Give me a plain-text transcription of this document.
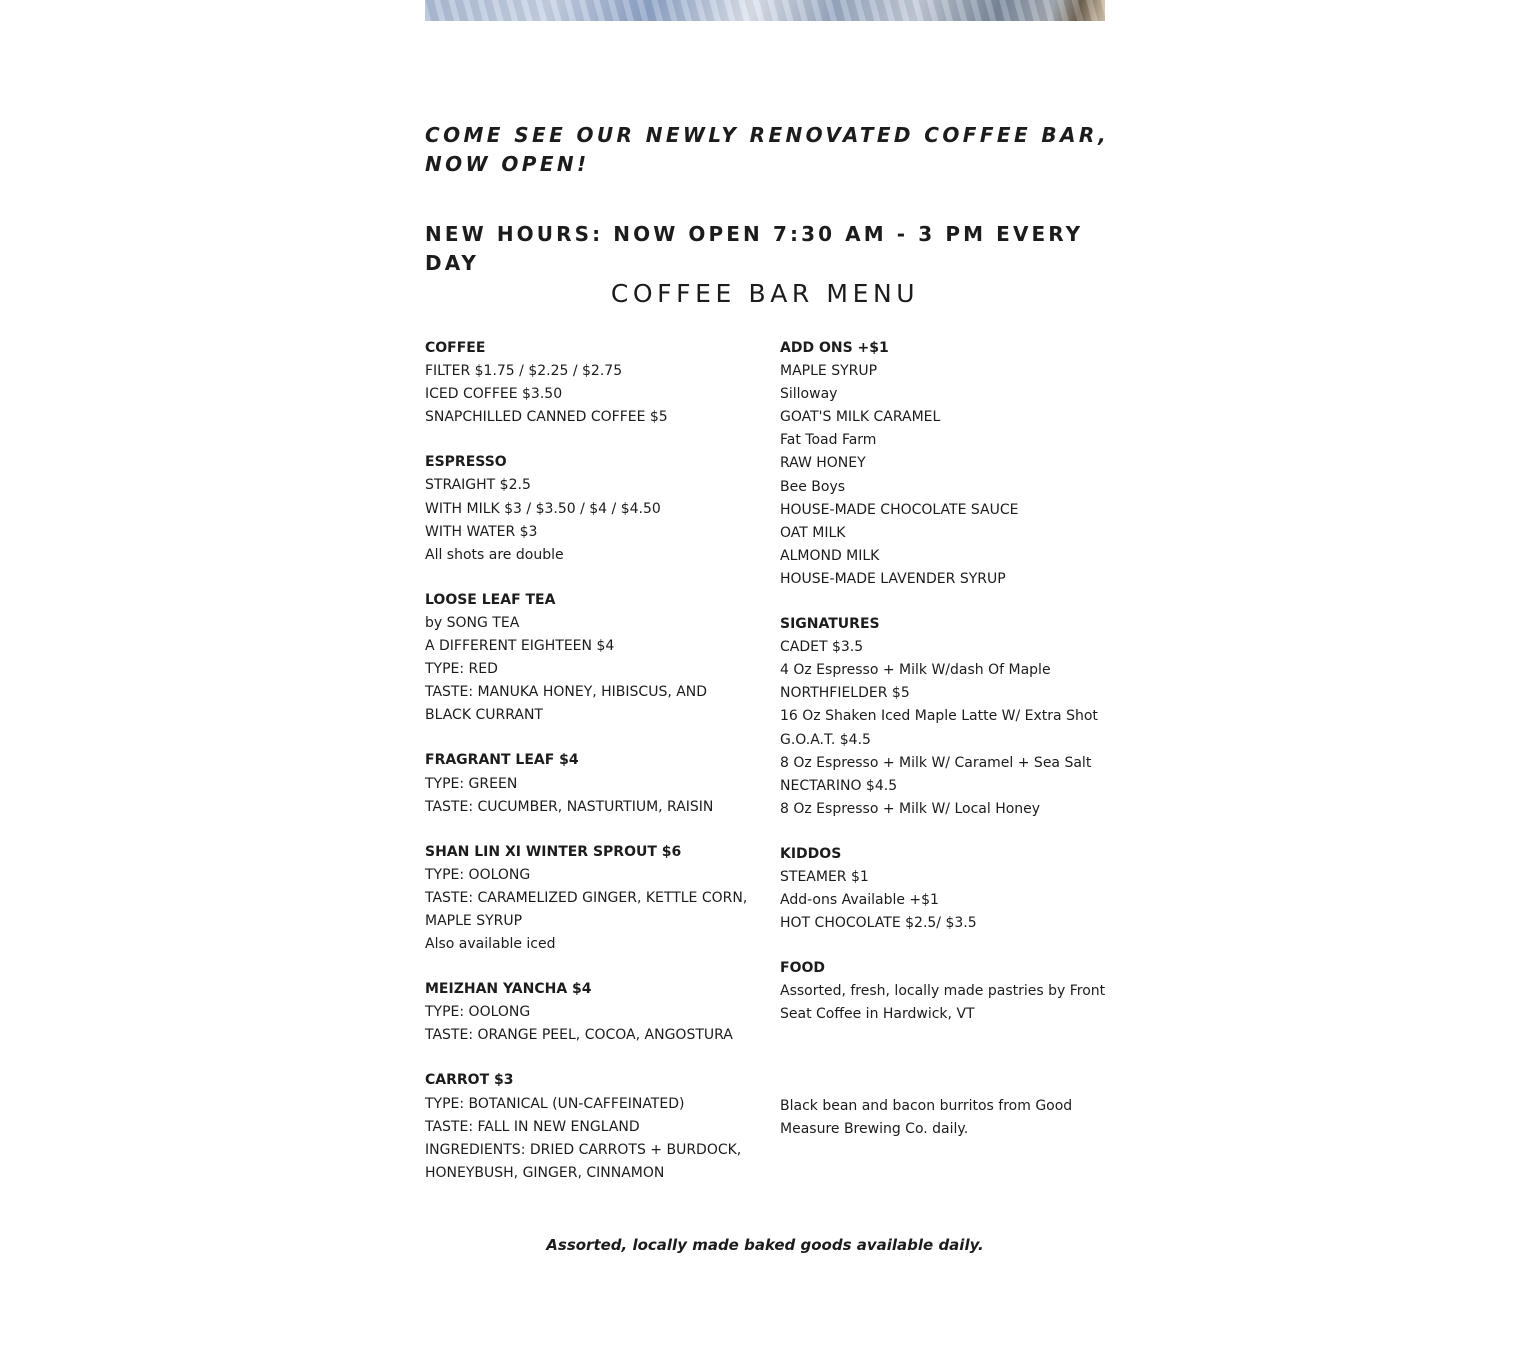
COME SEE OUR NEWLY RENOVATED COFFEE BAR, NOW OPEN!
NEW HOURS: NOW OPEN 7:30 AM - 3 PM EVERY DAY
COFFEE BAR MENU
COFFEE
FILTER $1.75 / $2.25 / $2.75
ICED COFFEE $3.50
SNAPCHILLED CANNED COFFEE $5
ESPRESSO
STRAIGHT $2.5
WITH MILK $3 / $3.50 / $4 / $4.50
WITH WATER $3
All shots are double
LOOSE LEAF TEA
by SONG TEA
A DIFFERENT EIGHTEEN $4
TYPE: RED
TASTE: MANUKA HONEY, HIBISCUS, AND BLACK CURRANT
FRAGRANT LEAF $4
TYPE: GREEN
TASTE: CUCUMBER, NASTURTIUM, RAISIN
SHAN LIN XI WINTER SPROUT $6
TYPE: OOLONG
TASTE: CARAMELIZED GINGER, KETTLE CORN, MAPLE SYRUP
Also available iced
MEIZHAN YANCHA $4
TYPE: OOLONG
TASTE: ORANGE PEEL, COCOA, ANGOSTURA
CARROT $3
TYPE: BOTANICAL (UN-CAFFEINATED)
TASTE: FALL IN NEW ENGLAND
INGREDIENTS: DRIED CARROTS + BURDOCK, HONEYBUSH, GINGER, CINNAMON
ADD ONS +$1
MAPLE SYRUP
Silloway
GOAT'S MILK CARAMEL
Fat Toad Farm
RAW HONEY
Bee Boys
HOUSE-MADE CHOCOLATE SAUCE
OAT MILK
ALMOND MILK
HOUSE-MADE LAVENDER SYRUP
SIGNATURES
CADET $3.5
4 Oz Espresso + Milk W/dash Of Maple
NORTHFIELDER $5
16 Oz Shaken Iced Maple Latte W/ Extra Shot
G.O.A.T. $4.5
8 Oz Espresso + Milk W/ Caramel + Sea Salt
NECTARINO $4.5
8 Oz Espresso + Milk W/ Local Honey
KIDDOS
STEAMER $1
Add-ons Available +$1
HOT CHOCOLATE $2.5/ $3.5
FOOD
Assorted, fresh, locally made pastries by Front Seat Coffee in Hardwick, VT
Black bean and bacon burritos from Good Measure Brewing Co. daily.
Assorted, locally made baked goods available daily.
